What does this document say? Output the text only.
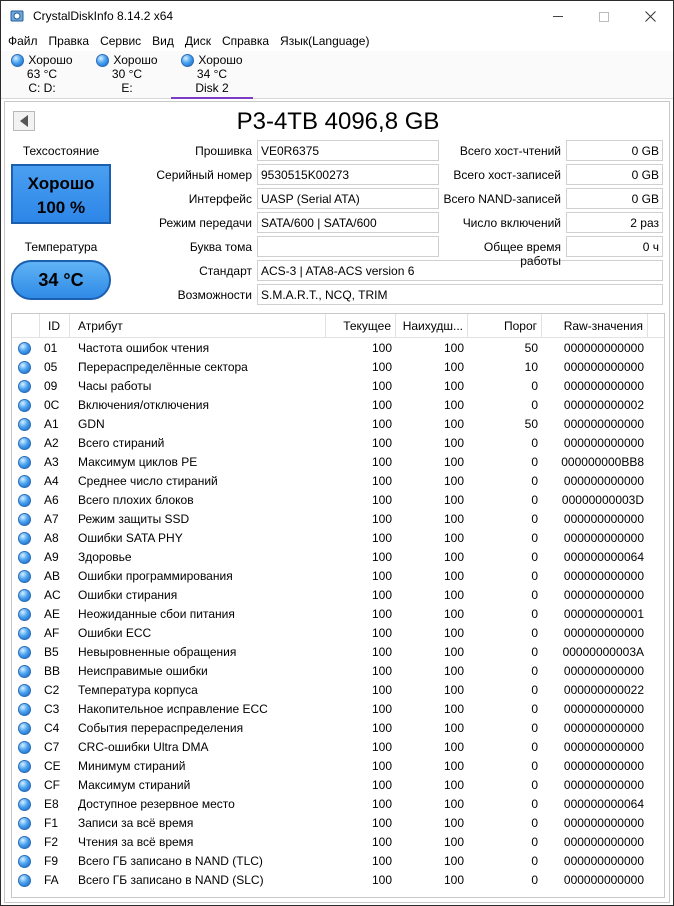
CrystalDiskInfo 8.14.2 x64
Файл Правка Сервис Вид Диск Справка Язык(Language)
Хорошо
63 °C
C: D:
Хорошо
30 °C
E:
Хорошо
34 °C
Disk 2
P3-4TB 4096,8 GB
Техсостояние
Хорошо
100 %
Температура
34 °C
Прошивка VE0R6375
Серийный номер 9530515K00273
Интерфейс UASP (Serial ATA)
Режим передачи SATA/600 | SATA/600
Буква тома
Стандарт ACS-3 | ATA8-ACS version 6
Возможности S.M.A.R.T., NCQ, TRIM
Всего хост-чтений	0 GB
Всего хост-записей	0 GB
Всего NAND-записей	0 GB
Число включений	2 раз
Общее время работы
0 ч
ID	Атрибут	Текущее Наихудш...	Порог	Raw-значения
01	Частота ошибок чтения	100	100	50	000000000000
05	Перераспределённые сектора	100	100	10	000000000000
09	Часы работы	100	100	0	000000000000
0C	Включения/отключения	100	100	0	000000000002
A1	GDN	100	100	50	000000000000
A2	Всего стираний	100	100	0	000000000000
A3	Максимум циклов PE	100	100	0	000000000BB8
A4	Среднее число стираний	100	100	0	000000000000
A6	Всего плохих блоков	100	100	0	00000000003D
A7	Режим защиты SSD	100	100	0	000000000000
A8	Ошибки SATA PHY	100	100	0	000000000000
A9	Здоровье	100	100	0	000000000064
AB	Ошибки программирования	100	100	0	000000000000
AC	Ошибки стирания	100	100	0	000000000000
AE	Неожиданные сбои питания	100	100	0	000000000001
AF	Ошибки ECC	100	100	0	000000000000
B5	Невыровненные обращения	100	100	0	00000000003A
BB	Неисправимые ошибки	100	100	0	000000000000
C2	Температура корпуса	100	100	0	000000000022
C3	Накопительное исправление ECC	100	100	0	000000000000
C4	События перераспределения	100	100	0	000000000000
C7	CRC-ошибки Ultra DMA	100	100	0	000000000000
CE	Минимум стираний	100	100	0	000000000000
CF	Максимум стираний	100	100	0	000000000000
E8	Доступное резервное место	100	100	0	000000000064
F1	Записи за всё время	100	100	0	000000000000
F2	Чтения за всё время	100	100	0	000000000000
F9	Всего ГБ записано в NAND (TLC)	100	100	0	000000000000
FA	Всего ГБ записано в NAND (SLC)	100	100	0	000000000000
